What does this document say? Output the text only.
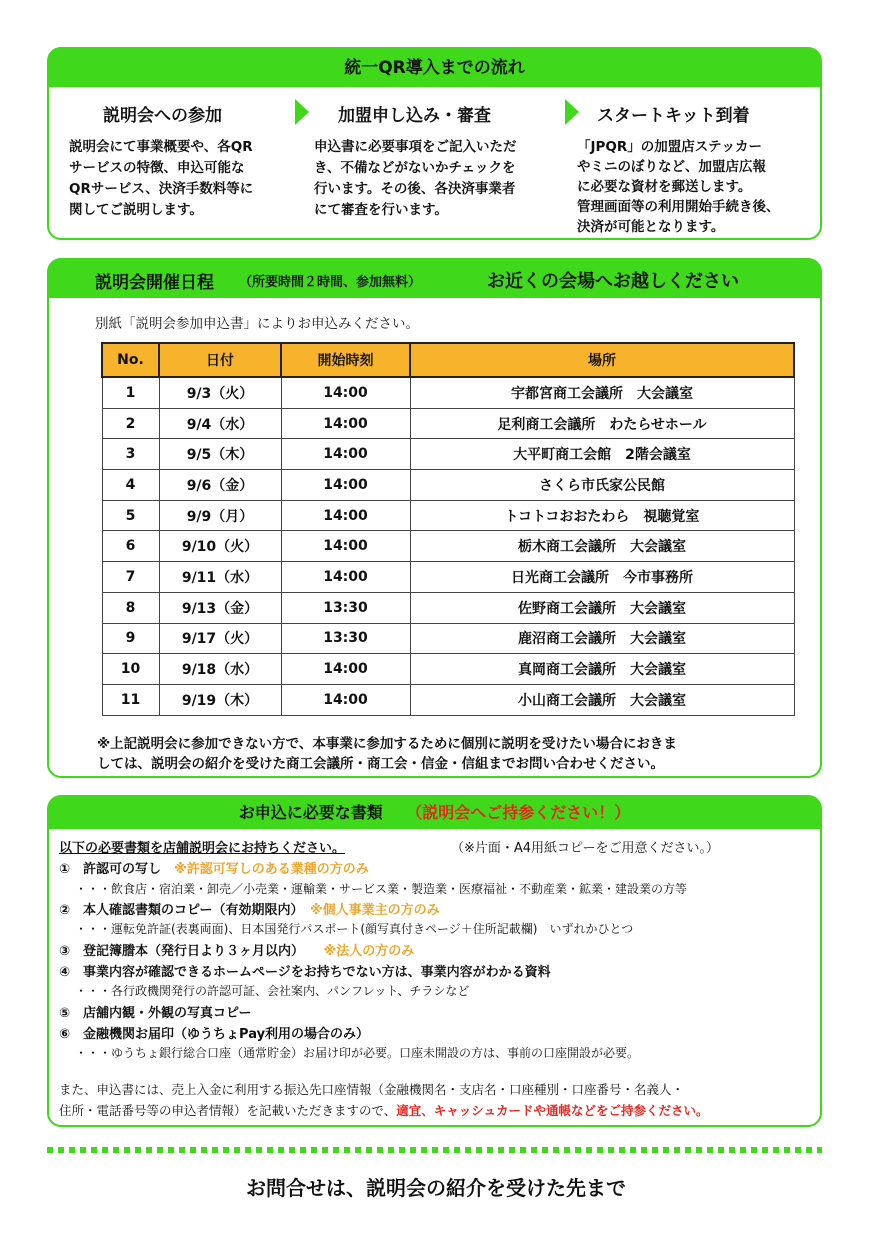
統一QR導入までの流れ
説明会への参加	加盟申し込み・審査	スタートキット到着
説明会にて事業概要や、各QR
サービスの特徴、申込可能な
QRサービス、決済手数料等に
関してご説明します。
申込書に必要事項をご記入いただ
き、不備などがないかチェックを
行います。その後、各決済事業者
にて審査を行います。
「JPQR」の加盟店ステッカー
やミニのぼりなど、加盟店広報
に必要な資材を郵送します。
管理画面等の利用開始手続き後、
決済が可能となります。
説明会開催日程 （所要時間２時間、参加無料）	お近くの会場へお越しください
別紙「説明会参加申込書」によりお申込みください。
No.	日付	開始時刻	場所
1	9/3（火）	14:00	宇都宮商工会議所　大会議室
2	9/4（水）	14:00	足利商工会議所　わたらせホール
3	9/5（木）	14:00	大平町商工会館　2階会議室
4	9/6（金）	14:00	さくら市氏家公民館
5	9/9（月）	14:00	トコトコおおたわら　視聴覚室
6	9/10（火）	14:00	栃木商工会議所　大会議室
7	9/11（水）	14:00	日光商工会議所　今市事務所
8	9/13（金）	13:30	佐野商工会議所　大会議室
9	9/17（火）	13:30	鹿沼商工会議所　大会議室
10	9/18（水）	14:00	真岡商工会議所　大会議室
11	9/19（木）	14:00	小山商工会議所　大会議室
※上記説明会に参加できない方で、本事業に参加するために個別に説明を受けたい場合におきま
しては、説明会の紹介を受けた商工会議所・商工会・信金・信組までお問い合わせください。
お申込に必要な書類 （説明会へご持参ください！）
以下の必要書類を店舗説明会にお持ちください。	（※片面・A4用紙コピーをご用意ください。）
①　 許認可の写し　 ※許認可写しのある業種の方のみ
・・・飲食店・宿泊業・卸売／小売業・運輸業・サービス業・製造業・医療福祉・不動産業・鉱業・建設業の方等
②　 本人確認書類のコピー（有効期限内）　 ※個人事業主の方のみ
・・・運転免許証(表裏両面)、日本国発行パスポート(顔写真付きページ＋住所記載欄)　いずれかひとつ
③　 登記簿謄本（発行日より３ヶ月以内）　　 ※法人の方のみ
④　 事業内容が確認できるホームページをお持ちでない方は、事業内容がわかる資料
・・・各行政機関発行の許認可証、会社案内、パンフレット、チラシなど
⑤　 店舗内観・外観の写真コピー
⑥　 金融機関お届印（ゆうちょPay利用の場合のみ）
・・・ゆうちょ銀行総合口座（通常貯金）お届け印が必要。口座未開設の方は、事前の口座開設が必要。
また、申込書には、売上入金に利用する振込先口座情報（金融機関名・支店名・口座種別・口座番号・名義人・
住所・電話番号等の申込者情報）を記載いただきますので、適宜、キャッシュカードや通帳などをご持参ください。
お問合せは、説明会の紹介を受けた先まで
